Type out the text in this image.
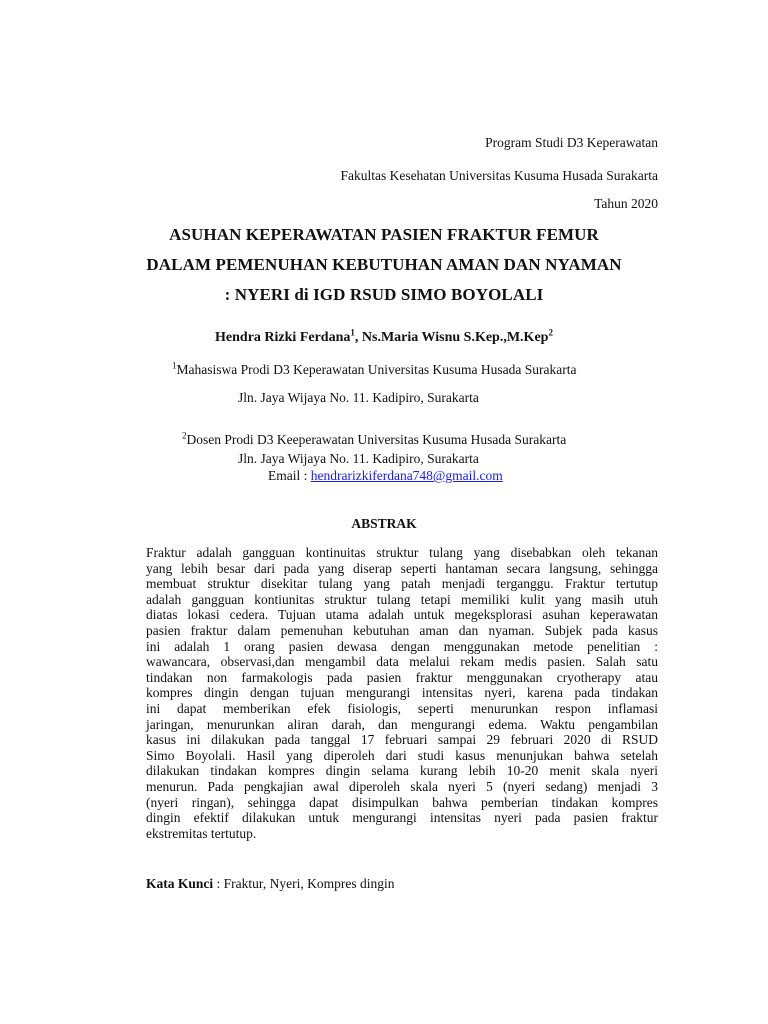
Program Studi D3 Keperawatan
Fakultas Kesehatan Universitas Kusuma Husada Surakarta
Tahun 2020
ASUHAN KEPERAWATAN PASIEN FRAKTUR FEMUR
DALAM PEMENUHAN KEBUTUHAN AMAN DAN NYAMAN
: NYERI di IGD RSUD SIMO BOYOLALI
Hendra Rizki Ferdana$^1$, Ns.Maria Wisnu S.Kep.,M.Kep$^2$
$^1$Mahasiswa Prodi D3 Keperawatan Universitas Kusuma Husada Surakarta
Jln. Jaya Wijaya No. 11. Kadipiro, Surakarta
$^2$Dosen Prodi D3 Keeperawatan Universitas Kusuma Husada Surakarta
Jln. Jaya Wijaya No. 11. Kadipiro, Surakarta
Email : hendrarizkiferdana748@gmail.com
ABSTRAK
Fraktur adalah gangguan kontinuitas struktur tulang yang disebabkan oleh tekanan
yang lebih besar dari pada yang diserap seperti hantaman secara langsung, sehingga
membuat struktur disekitar tulang yang patah menjadi terganggu. Fraktur tertutup
adalah gangguan kontiunitas struktur tulang tetapi memiliki kulit yang masih utuh
diatas lokasi cedera. Tujuan utama adalah untuk megeksplorasi asuhan keperawatan
pasien fraktur dalam pemenuhan kebutuhan aman dan nyaman. Subjek pada kasus
ini adalah 1 orang pasien dewasa dengan menggunakan metode penelitian :
wawancara, observasi,dan mengambil data melalui rekam medis pasien. Salah satu
tindakan non farmakologis pada pasien fraktur menggunakan cryotherapy atau
kompres dingin dengan tujuan mengurangi intensitas nyeri, karena pada tindakan
ini dapat memberikan efek fisiologis, seperti menurunkan respon inflamasi
jaringan, menurunkan aliran darah, dan mengurangi edema. Waktu pengambilan
kasus ini dilakukan pada tanggal 17 februari sampai 29 februari 2020 di RSUD
Simo Boyolali. Hasil yang diperoleh dari studi kasus menunjukan bahwa setelah
dilakukan tindakan kompres dingin selama kurang lebih 10-20 menit skala nyeri
menurun. Pada pengkajian awal diperoleh skala nyeri 5 (nyeri sedang) menjadi 3
(nyeri ringan), sehingga dapat disimpulkan bahwa pemberian tindakan kompres
dingin efektif dilakukan untuk mengurangi intensitas nyeri pada pasien fraktur
ekstremitas tertutup.
Kata Kunci : Fraktur, Nyeri, Kompres dingin
